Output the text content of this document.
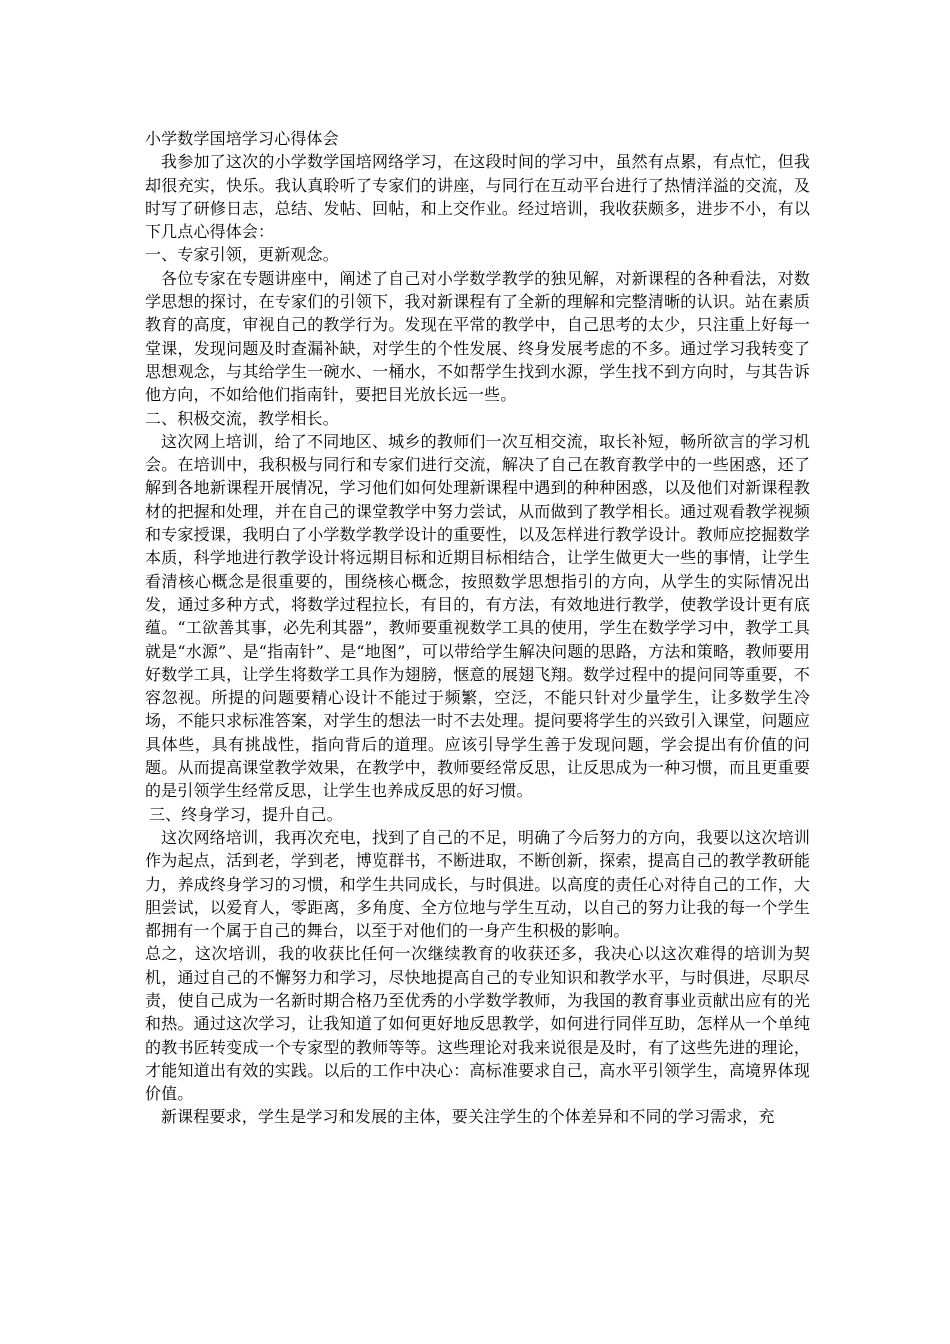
小学数学国培学习心得体会

我参加了这次的小学数学国培网络学习，在这段时间的学习中，虽然有点累，有点忙，但我却很充实，快乐。我认真聆听了专家们的讲座，与同行在互动平台进行了热情洋溢的交流，及时写了研修日志，总结、发帖、回帖，和上交作业。经过培训，我收获颇多，进步不小，有以下几点心得体会：

一、专家引领，更新观念。

各位专家在专题讲座中，阐述了自己对小学数学教学的独见解，对新课程的各种看法，对数学思想的探讨，在专家们的引领下，我对新课程有了全新的理解和完整清晰的认识。站在素质教育的高度，审视自己的教学行为。发现在平常的教学中，自己思考的太少，只注重上好每一堂课，发现问题及时查漏补缺，对学生的个性发展、终身发展考虑的不多。通过学习我转变了思想观念，与其给学生一碗水、一桶水，不如帮学生找到水源，学生找不到方向时，与其告诉他方向，不如给他们指南针，要把目光放长远一些。

二、积极交流，教学相长。

这次网上培训，给了不同地区、城乡的教师们一次互相交流，取长补短，畅所欲言的学习机会。在培训中，我积极与同行和专家们进行交流，解决了自己在教育教学中的一些困惑，还了解到各地新课程开展情况，学习他们如何处理新课程中遇到的种种困惑，以及他们对新课程教材的把握和处理，并在自己的课堂教学中努力尝试，从而做到了教学相长。通过观看教学视频和专家授课，我明白了小学数学教学设计的重要性，以及怎样进行教学设计。教师应挖掘数学本质，科学地进行教学设计将远期目标和近期目标相结合，让学生做更大一些的事情，让学生看清核心概念是很重要的，围绕核心概念，按照数学思想指引的方向，从学生的实际情况出发，通过多种方式，将数学过程拉长，有目的，有方法，有效地进行教学，使教学设计更有底蕴。“工欲善其事，必先利其器”，教师要重视数学工具的使用，学生在数学学习中，教学工具就是“水源”、是“指南针”、是“地图”，可以带给学生解决问题的思路，方法和策略，教师要用好数学工具，让学生将数学工具作为翅膀，惬意的展翅飞翔。数学过程中的提问同等重要，不容忽视。所提的问题要精心设计不能过于频繁，空泛，不能只针对少量学生，让多数学生冷场，不能只求标准答案，对学生的想法一时不去处理。提问要将学生的兴致引入课堂，问题应具体些，具有挑战性，指向背后的道理。应该引导学生善于发现问题，学会提出有价值的问题。从而提高课堂教学效果，在教学中，教师要经常反思，让反思成为一种习惯，而且更重要的是引领学生经常反思，让学生也养成反思的好习惯。

三、终身学习，提升自己。

这次网络培训，我再次充电，找到了自己的不足，明确了今后努力的方向，我要以这次培训作为起点，活到老，学到老，博览群书，不断进取，不断创新，探索，提高自己的教学教研能力，养成终身学习的习惯，和学生共同成长，与时俱进。以高度的责任心对待自己的工作，大胆尝试，以爱育人，零距离，多角度、全方位地与学生互动，以自己的努力让我的每一个学生都拥有一个属于自己的舞台，以至于对他们的一身产生积极的影响。

总之，这次培训，我的收获比任何一次继续教育的收获还多，我决心以这次难得的培训为契机，通过自己的不懈努力和学习，尽快地提高自己的专业知识和教学水平，与时俱进，尽职尽责，使自己成为一名新时期合格乃至优秀的小学数学教师，为我国的教育事业贡献出应有的光和热。通过这次学习，让我知道了如何更好地反思教学，如何进行同伴互助，怎样从一个单纯的教书匠转变成一个专家型的教师等等。这些理论对我来说很是及时，有了这些先进的理论，才能知道出有效的实践。以后的工作中决心：高标准要求自己，高水平引领学生，高境界体现价值。

新课程要求，学生是学习和发展的主体，要关注学生的个体差异和不同的学习需求，充
